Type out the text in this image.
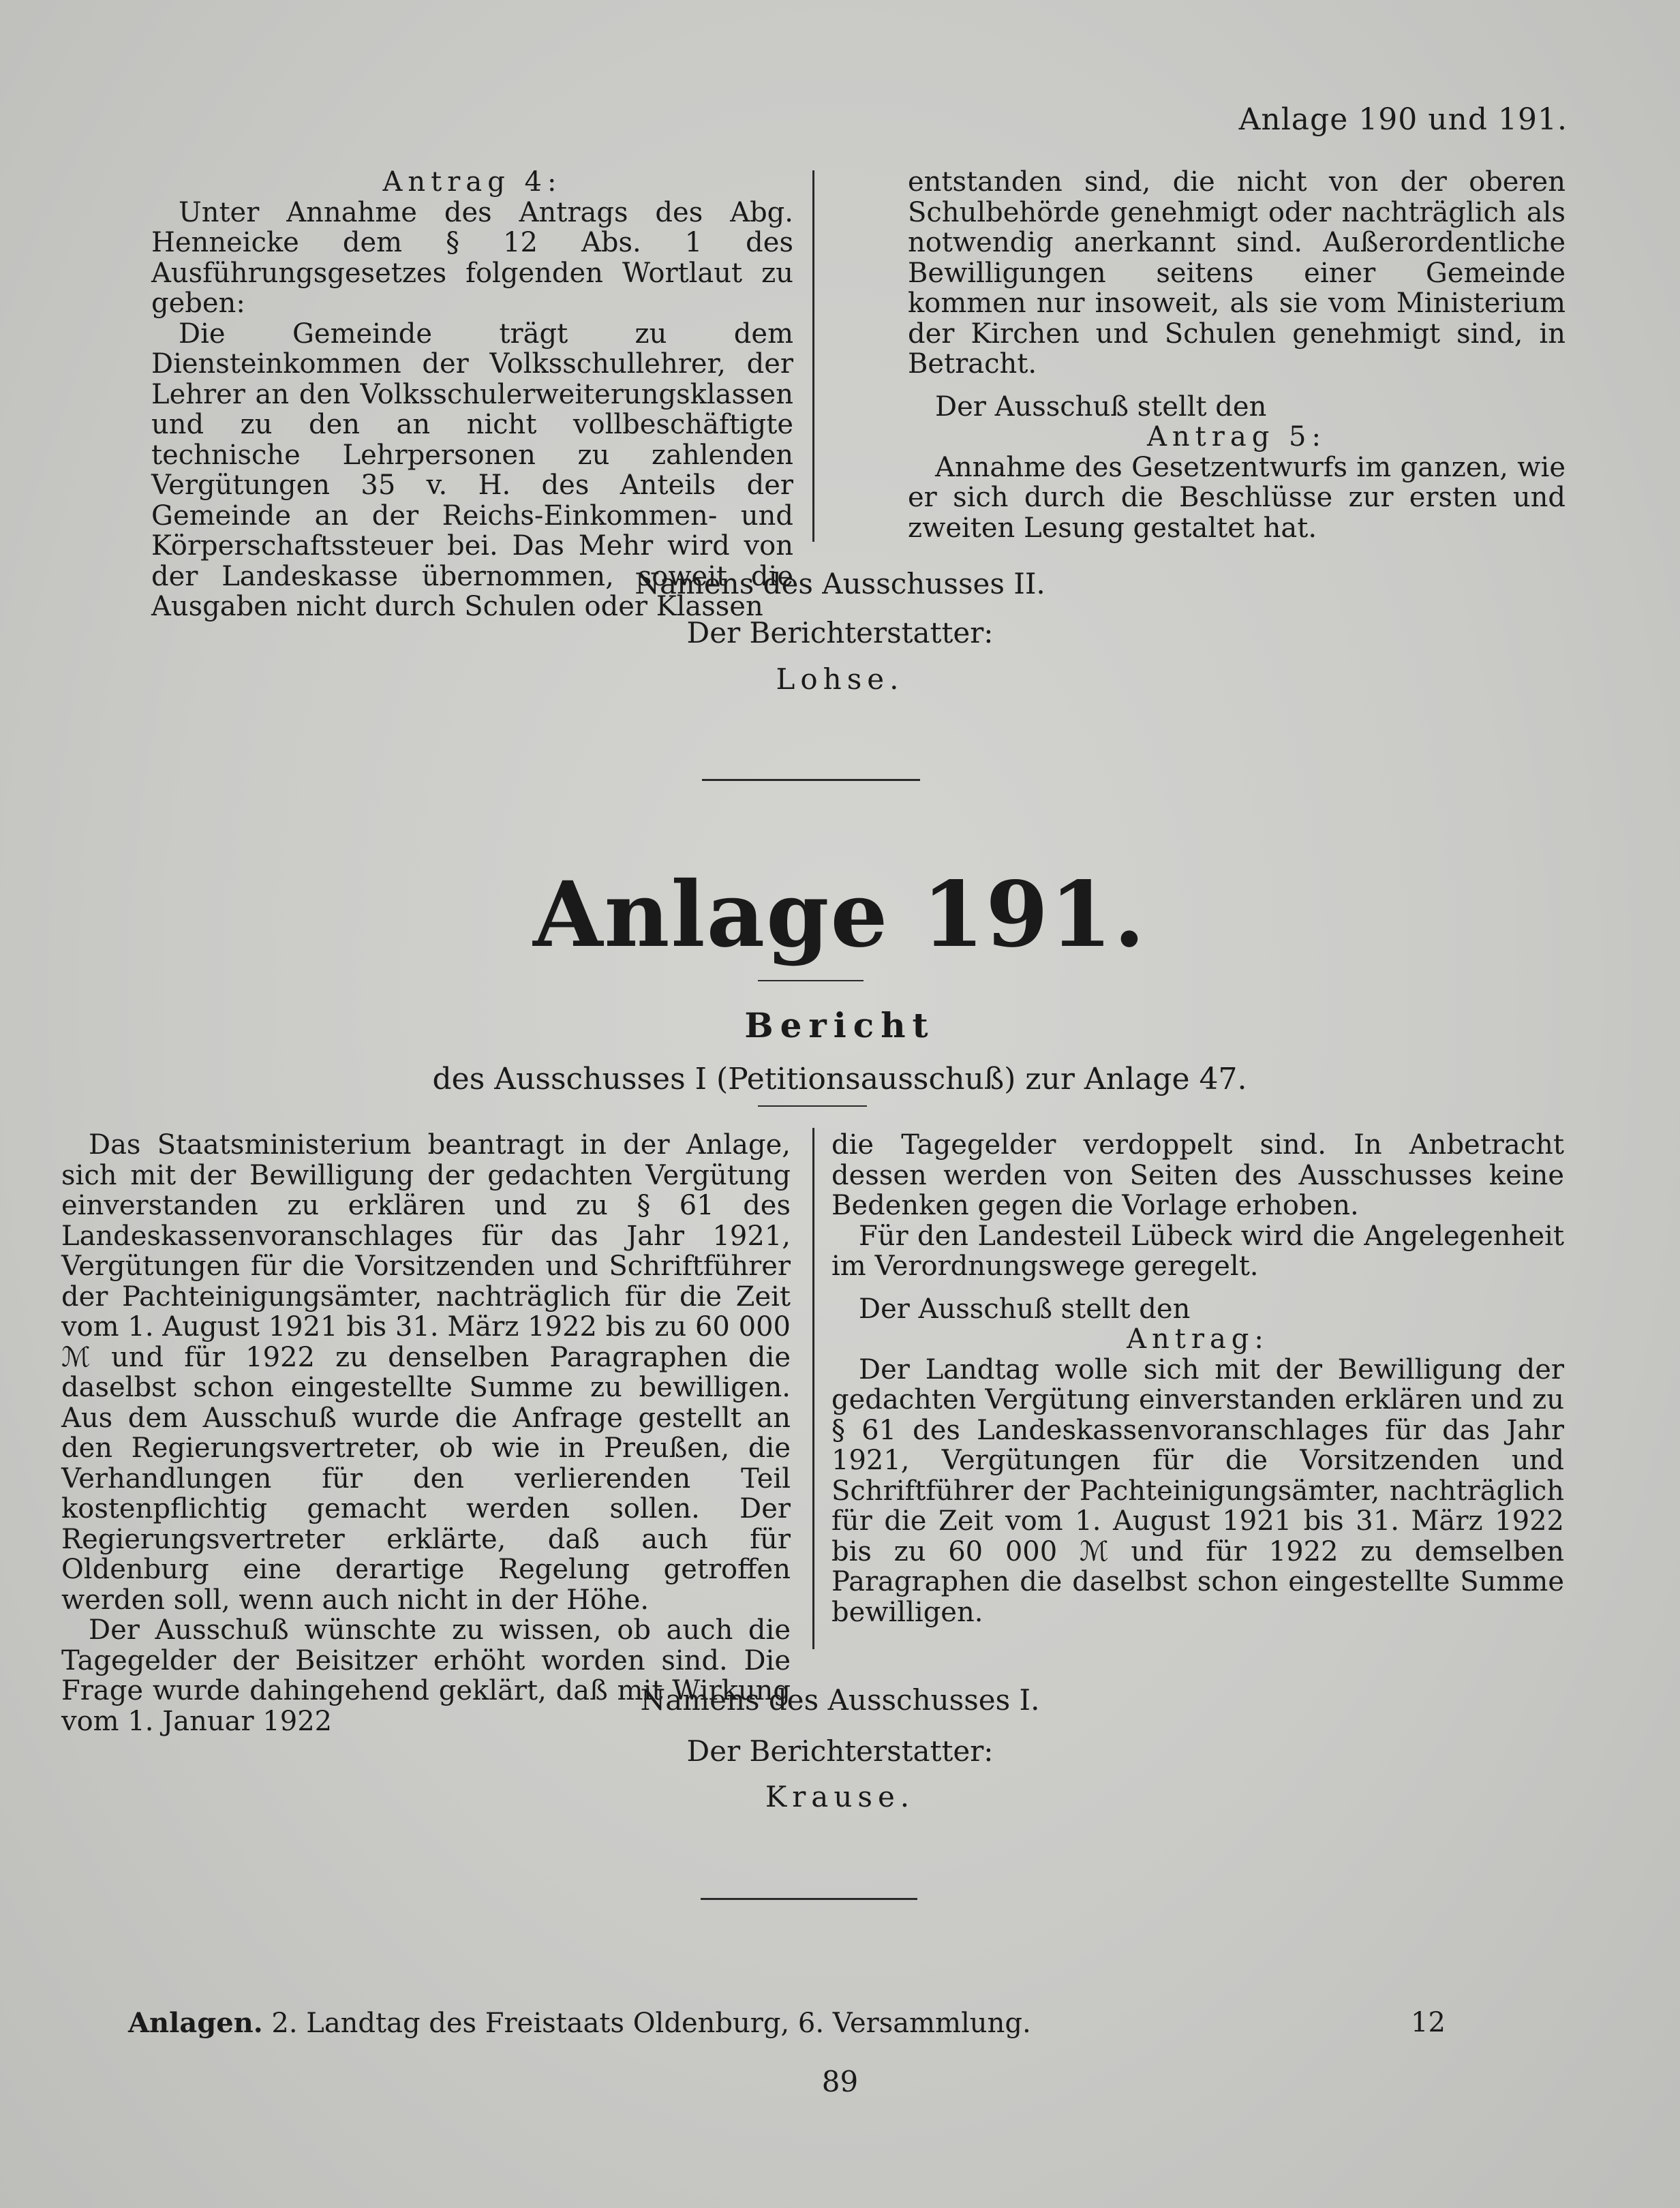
Anlage 190 und 191.

Antrag 4:

Unter Annahme des Antrags des Abg. Henneicke dem § 12 Abs. 1 des Ausführungsgesetzes folgenden Wortlaut zu geben:

Die Gemeinde trägt zu dem Diensteinkommen der Volksschullehrer, der Lehrer an den Volksschulerweiterungsklassen und zu den an nicht vollbeschäftigte technische Lehrpersonen zu zahlenden Vergütungen 35 v. H. des Anteils der Gemeinde an der Reichs-Einkommen- und Körperschaftssteuer bei. Das Mehr wird von der Landeskasse übernommen, soweit die Ausgaben nicht durch Schulen oder Klassen

entstanden sind, die nicht von der oberen Schulbehörde genehmigt oder nachträglich als notwendig anerkannt sind. Außerordentliche Bewilligungen seitens einer Gemeinde kommen nur insoweit, als sie vom Ministerium der Kirchen und Schulen genehmigt sind, in Betracht.

Der Ausschuß stellt den

Antrag 5:

Annahme des Gesetzentwurfs im ganzen, wie er sich durch die Beschlüsse zur ersten und zweiten Lesung gestaltet hat.

Namens des Ausschusses II.
Der Berichterstatter:
Lohse.
Anlage 191.
Bericht
des Ausschusses I (Petitionsausschuß) zur Anlage 47.

Das Staatsministerium beantragt in der Anlage, sich mit der Bewilligung der gedachten Vergütung einverstanden zu erklären und zu § 61 des Landeskassenvoranschlages für das Jahr 1921, Vergütungen für die Vorsitzenden und Schriftführer der Pachteinigungsämter, nachträglich für die Zeit vom 1. August 1921 bis 31. März 1922 bis zu 60 000 ℳ und für 1922 zu denselben Paragraphen die daselbst schon eingestellte Summe zu bewilligen. Aus dem Ausschuß wurde die Anfrage gestellt an den Regierungsvertreter, ob wie in Preußen, die Verhandlungen für den verlierenden Teil kostenpflichtig gemacht werden sollen. Der Regierungsvertreter erklärte, daß auch für Oldenburg eine derartige Regelung getroffen werden soll, wenn auch nicht in der Höhe.

Der Ausschuß wünschte zu wissen, ob auch die Tagegelder der Beisitzer erhöht worden sind. Die Frage wurde dahingehend geklärt, daß mit Wirkung vom 1. Januar 1922

die Tagegelder verdoppelt sind. In Anbetracht dessen werden von Seiten des Ausschusses keine Bedenken gegen die Vorlage erhoben.

Für den Landesteil Lübeck wird die Angelegenheit im Verordnungswege geregelt.

Der Ausschuß stellt den

Antrag:

Der Landtag wolle sich mit der Bewilligung der gedachten Vergütung einverstanden erklären und zu § 61 des Landeskassenvoranschlages für das Jahr 1921, Vergütungen für die Vorsitzenden und Schriftführer der Pachteinigungsämter, nachträglich für die Zeit vom 1. August 1921 bis 31. März 1922 bis zu 60 000 ℳ und für 1922 zu demselben Paragraphen die daselbst schon eingestellte Summe bewilligen.

Namens des Ausschusses I.
Der Berichterstatter:
Krause.
Anlagen. 2. Landtag des Freistaats Oldenburg, 6. Versammlung.	12
89
